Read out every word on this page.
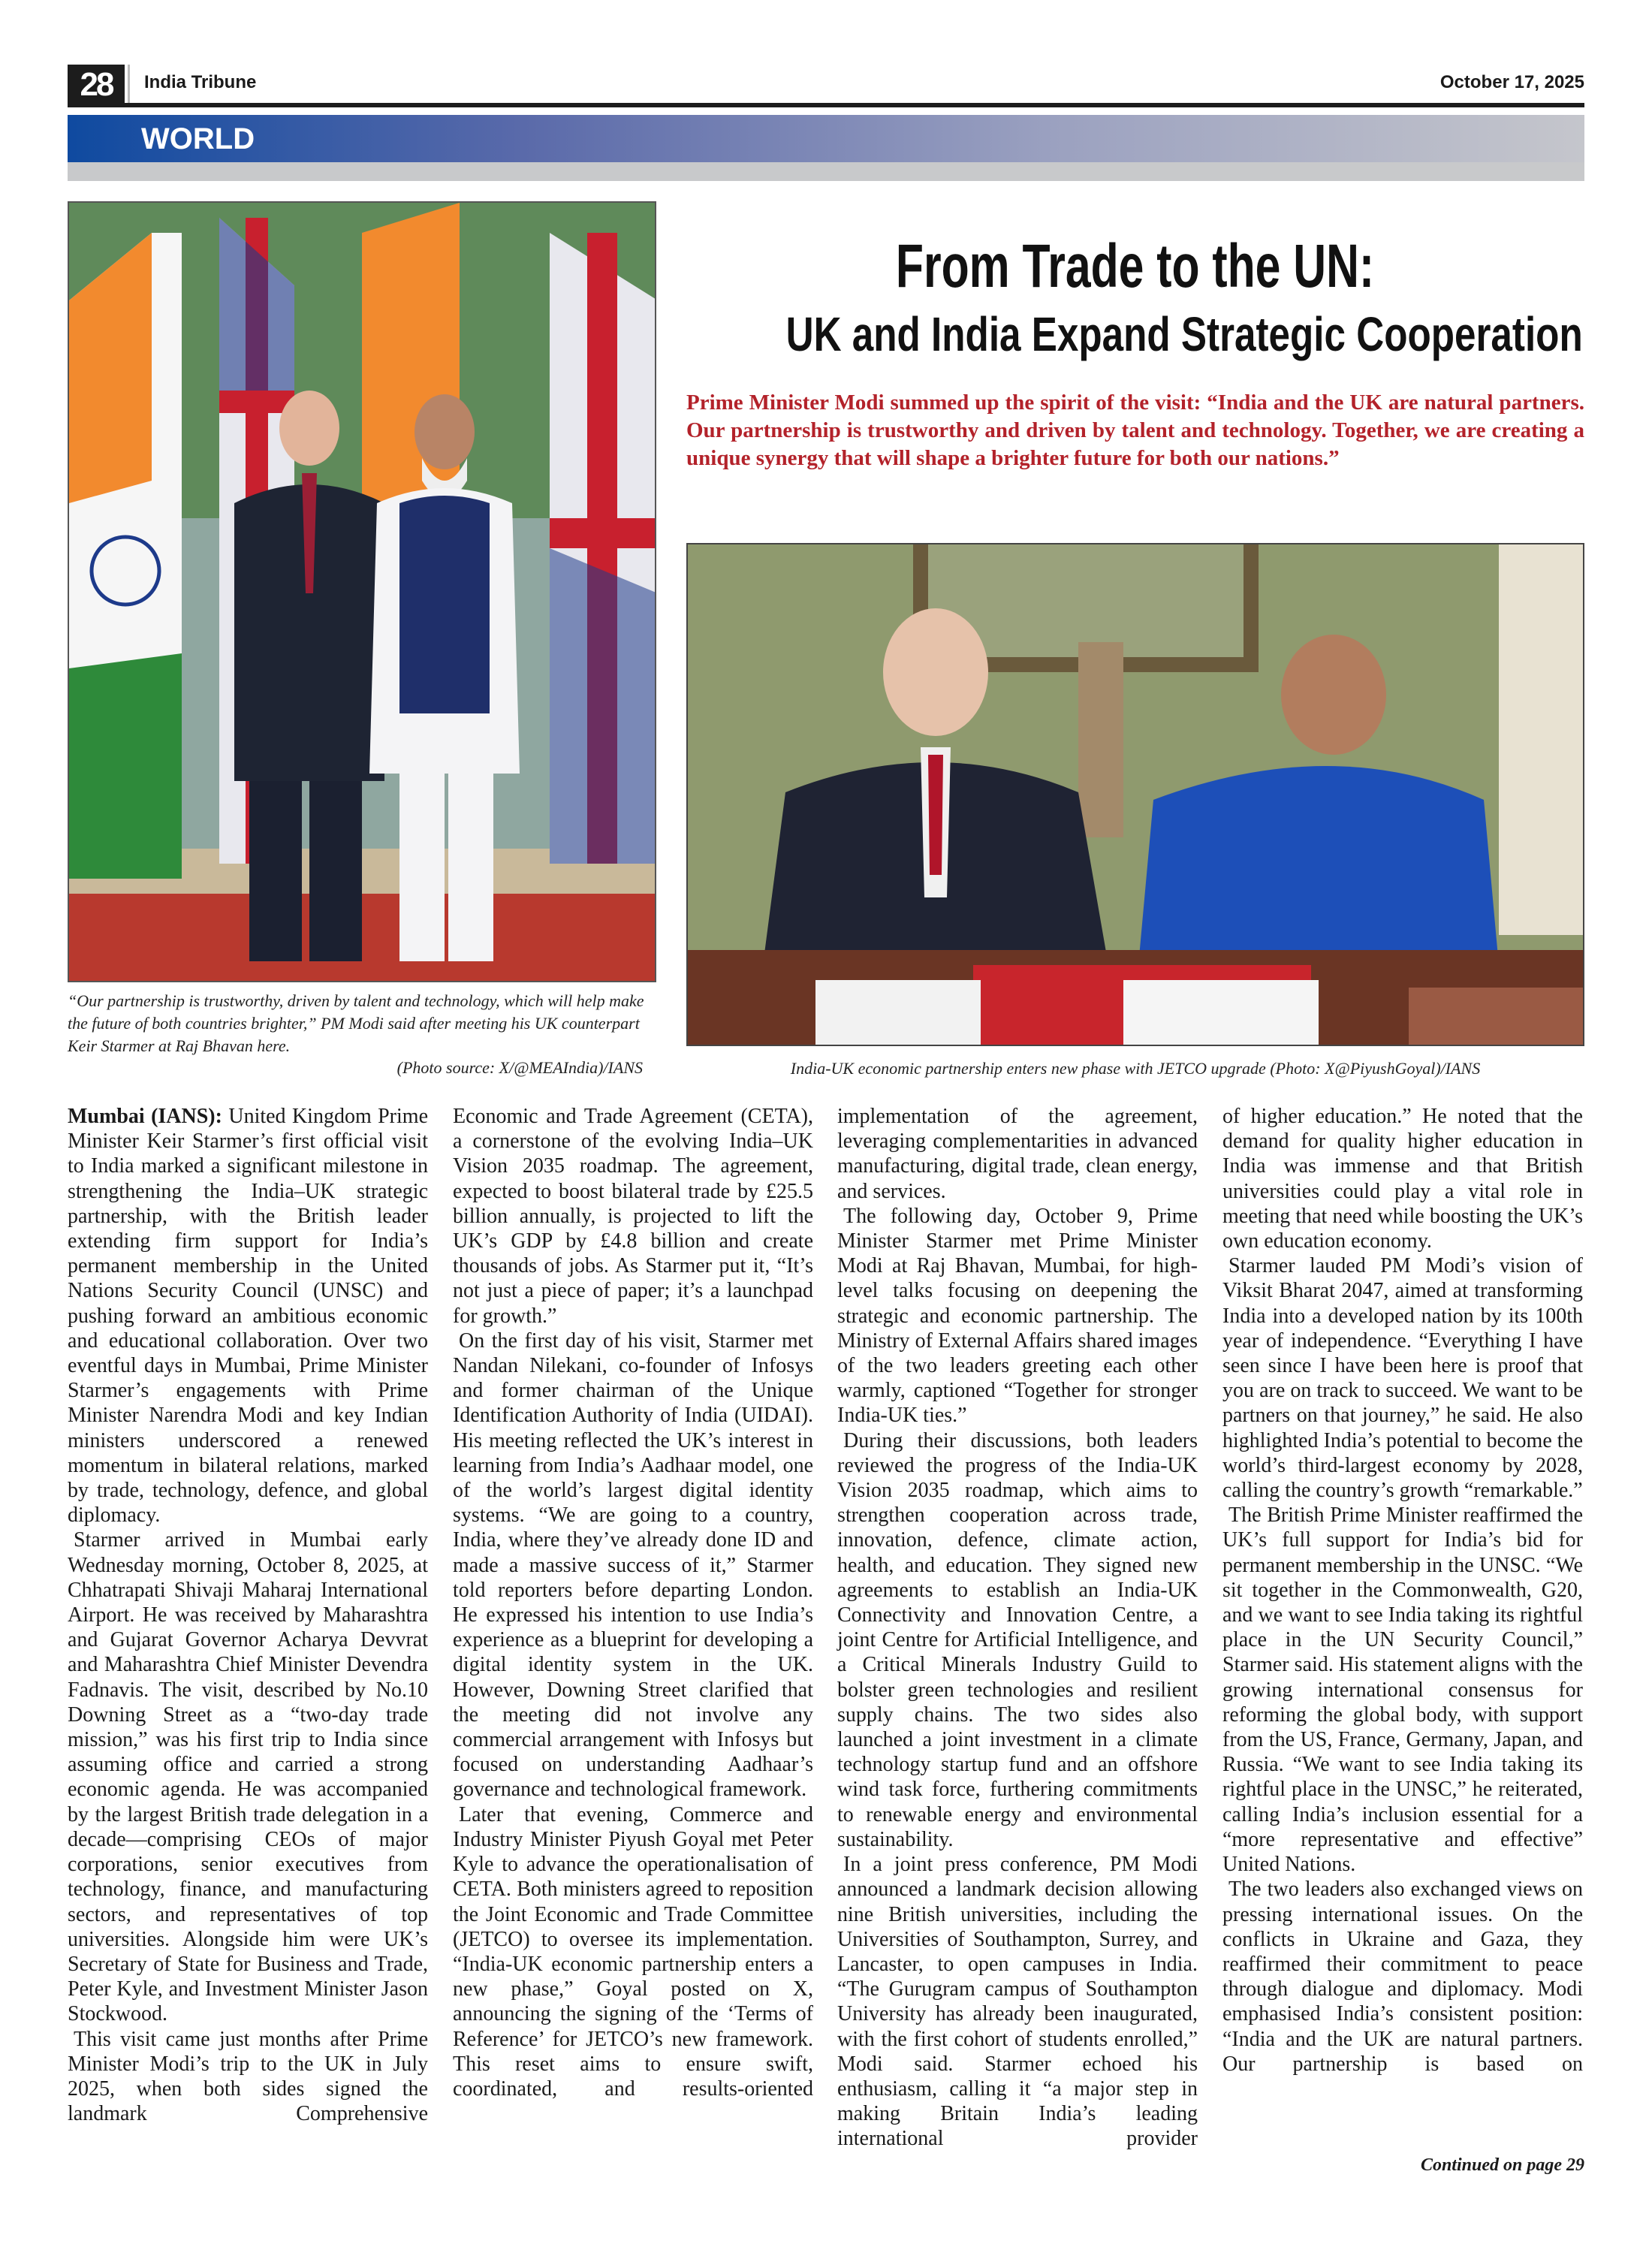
28	India Tribune	October 17, 2025
WORLD
From Trade to the UN:
UK and India Expand Strategic Cooperation
Prime Minister Modi summed up the spirit of the visit: “India and the UK are natural partners. Our partnership is trustworthy and driven by talent and technology. Together, we are creating a unique synergy that will shape a brighter future for both our nations.”
“Our partnership is trustworthy, driven by talent and technology, which will help make the future of both countries brighter,” PM Modi said after meeting his UK counterpart Keir Starmer at Raj Bhavan here.
(Photo source: X/@MEAIndia)/IANS	India-UK economic partnership enters new phase with JETCO upgrade (Photo: X@PiyushGoyal)/IANS

Mumbai (IANS): United Kingdom Prime Minister Keir Starmer’s first official visit to India marked a significant milestone in strengthening the India–UK strategic partnership, with the British leader extending firm support for India’s permanent membership in the United Nations Security Council (UNSC) and pushing forward an ambitious economic and educational collaboration. Over two eventful days in Mumbai, Prime Minister Starmer’s engagements with Prime Minister Narendra Modi and key Indian ministers underscored a renewed momentum in bilateral relations, marked by trade, technology, defence, and global diplomacy.

Starmer arrived in Mumbai early Wednesday morning, October 8, 2025, at Chhatrapati Shivaji Maharaj International Airport. He was received by Maharashtra and Gujarat Governor Acharya Devvrat and Maharashtra Chief Minister Devendra Fadnavis. The visit, described by No.10 Downing Street as a “two-day trade mission,” was his first trip to India since assuming office and carried a strong economic agenda. He was accompanied by the largest British trade delegation in a decade—comprising CEOs of major corporations, senior executives from technology, finance, and manufacturing sectors, and representatives of top universities. Alongside him were UK’s Secretary of State for Business and Trade, Peter Kyle, and Investment Minister Jason Stockwood.

This visit came just months after Prime Minister Modi’s trip to the UK in July 2025, when both sides signed the landmark Comprehensive

Economic and Trade Agreement (CETA), a cornerstone of the evolving India–UK Vision 2035 roadmap. The agreement, expected to boost bilateral trade by £25.5 billion annually, is projected to lift the UK’s GDP by £4.8 billion and create thousands of jobs. As Starmer put it, “It’s not just a piece of paper; it’s a launchpad for growth.”

On the first day of his visit, Starmer met Nandan Nilekani, co-founder of Infosys and former chairman of the Unique Identification Authority of India (UIDAI). His meeting reflected the UK’s interest in learning from India’s Aadhaar model, one of the world’s largest digital identity systems. “We are going to a country, India, where they’ve already done ID and made a massive success of it,” Starmer told reporters before departing London. He expressed his intention to use India’s experience as a blueprint for developing a digital identity system in the UK. However, Downing Street clarified that the meeting did not involve any commercial arrangement with Infosys but focused on understanding Aadhaar’s governance and technological framework.

Later that evening, Commerce and Industry Minister Piyush Goyal met Peter Kyle to advance the operationalisation of CETA. Both ministers agreed to reposition the Joint Economic and Trade Committee (JETCO) to oversee its implementation. “India-UK economic partnership enters a new phase,” Goyal posted on X, announcing the signing of the ‘Terms of Reference’ for JETCO’s new framework. This reset aims to ensure swift, coordinated, and results-oriented

implementation of the agreement, leveraging complementarities in advanced manufacturing, digital trade, clean energy, and services.

The following day, October 9, Prime Minister Starmer met Prime Minister Modi at Raj Bhavan, Mumbai, for high-level talks focusing on deepening the strategic and economic partnership. The Ministry of External Affairs shared images of the two leaders greeting each other warmly, captioned “Together for stronger India-UK ties.”

During their discussions, both leaders reviewed the progress of the India-UK Vision 2035 roadmap, which aims to strengthen cooperation across trade, innovation, defence, climate action, health, and education. They signed new agreements to establish an India-UK Connectivity and Innovation Centre, a joint Centre for Artificial Intelligence, and a Critical Minerals Industry Guild to bolster green technologies and resilient supply chains. The two sides also launched a joint investment in a climate technology startup fund and an offshore wind task force, furthering commitments to renewable energy and environmental sustainability.

In a joint press conference, PM Modi announced a landmark decision allowing nine British universities, including the Universities of Southampton, Surrey, and Lancaster, to open campuses in India. “The Gurugram campus of Southampton University has already been inaugurated, with the first cohort of students enrolled,” Modi said. Starmer echoed his enthusiasm, calling it “a major step in making Britain India’s leading international provider

of higher education.” He noted that the demand for quality higher education in India was immense and that British universities could play a vital role in meeting that need while boosting the UK’s own education economy.

Starmer lauded PM Modi’s vision of Viksit Bharat 2047, aimed at transforming India into a developed nation by its 100th year of independence. “Everything I have seen since I have been here is proof that you are on track to succeed. We want to be partners on that journey,” he said. He also highlighted India’s potential to become the world’s third-largest economy by 2028, calling the country’s growth “remarkable.”

The British Prime Minister reaffirmed the UK’s full support for India’s bid for permanent membership in the UNSC. “We sit together in the Commonwealth, G20, and we want to see India taking its rightful place in the UN Security Council,” Starmer said. His statement aligns with the growing international consensus for reforming the global body, with support from the US, France, Germany, Japan, and Russia. “We want to see India taking its rightful place in the UNSC,” he reiterated, calling India’s inclusion essential for a “more representative and effective” United Nations.

The two leaders also exchanged views on pressing international issues. On the conflicts in Ukraine and Gaza, they reaffirmed their commitment to peace through dialogue and diplomacy. Modi emphasised India’s consistent position: “India and the UK are natural partners. Our partnership is based on

Continued on page 29
